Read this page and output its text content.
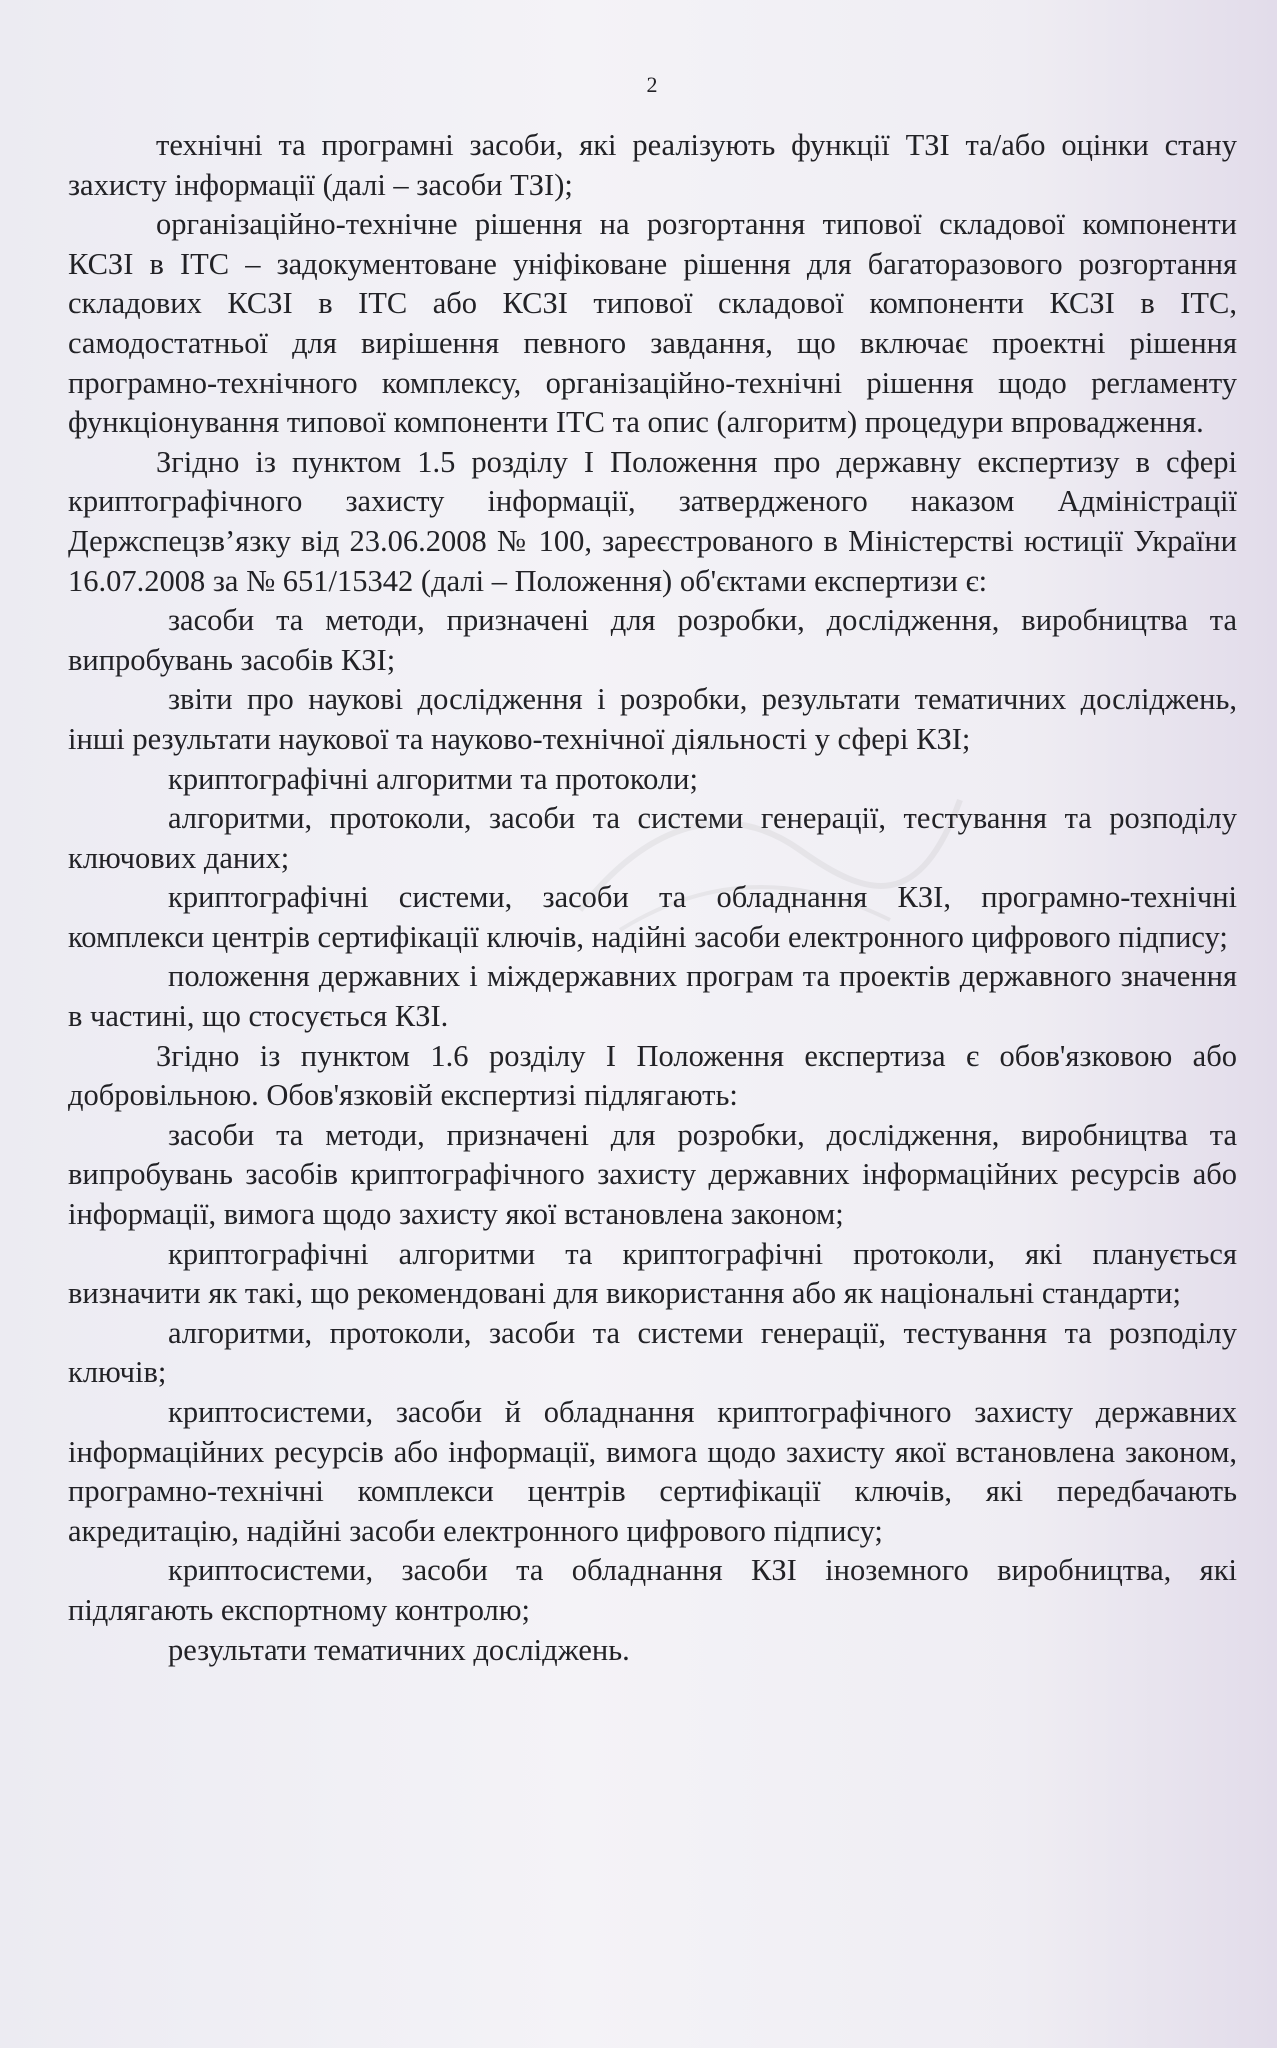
2

технічні та програмні засоби, які реалізують функції ТЗІ та/або оцінки стану захисту інформації (далі – засоби ТЗІ);

організаційно-технічне рішення на розгортання типової складової компоненти КСЗІ в ІТС – задокументоване уніфіковане рішення для багаторазового розгортання складових КСЗІ в ІТС або КСЗІ типової складової компоненти КСЗІ в ІТС, самодостатньої для вирішення певного завдання, що включає проектні рішення програмно-технічного комплексу, організаційно-технічні рішення щодо регламенту функціонування типової компоненти ІТС та опис (алгоритм) процедури впровадження.

Згідно із пунктом 1.5 розділу І Положення про державну експертизу в сфері криптографічного захисту інформації, затвердженого наказом Адміністрації Держспецзв’язку від 23.06.2008 № 100, зареєстрованого в Міністерстві юстиції України 16.07.2008 за № 651/15342 (далі – Положення) об'єктами експертизи є:

засоби та методи, призначені для розробки, дослідження, виробництва та випробувань засобів КЗІ;

звіти про наукові дослідження і розробки, результати тематичних досліджень, інші результати наукової та науково-технічної діяльності у сфері КЗІ;

криптографічні алгоритми та протоколи;

алгоритми, протоколи, засоби та системи генерації, тестування та розподілу ключових даних;

криптографічні системи, засоби та обладнання КЗІ, програмно-технічні комплекси центрів сертифікації ключів, надійні засоби електронного цифрового підпису;

положення державних і міждержавних програм та проектів державного значення в частині, що стосується КЗІ.

Згідно із пунктом 1.6 розділу І Положення експертиза є обов'язковою або добровільною. Обов'язковій експертизі підлягають:

засоби та методи, призначені для розробки, дослідження, виробництва та випробувань засобів криптографічного захисту державних інформаційних ресурсів або інформації, вимога щодо захисту якої встановлена законом;

криптографічні алгоритми та криптографічні протоколи, які планується визначити як такі, що рекомендовані для використання або як національні стандарти;

алгоритми, протоколи, засоби та системи генерації, тестування та розподілу ключів;

криптосистеми, засоби й обладнання криптографічного захисту державних інформаційних ресурсів або інформації, вимога щодо захисту якої встановлена законом, програмно-технічні комплекси центрів сертифікації ключів, які передбачають акредитацію, надійні засоби електронного цифрового підпису;

криптосистеми, засоби та обладнання КЗІ іноземного виробництва, які підлягають експортному контролю;

результати тематичних досліджень.
